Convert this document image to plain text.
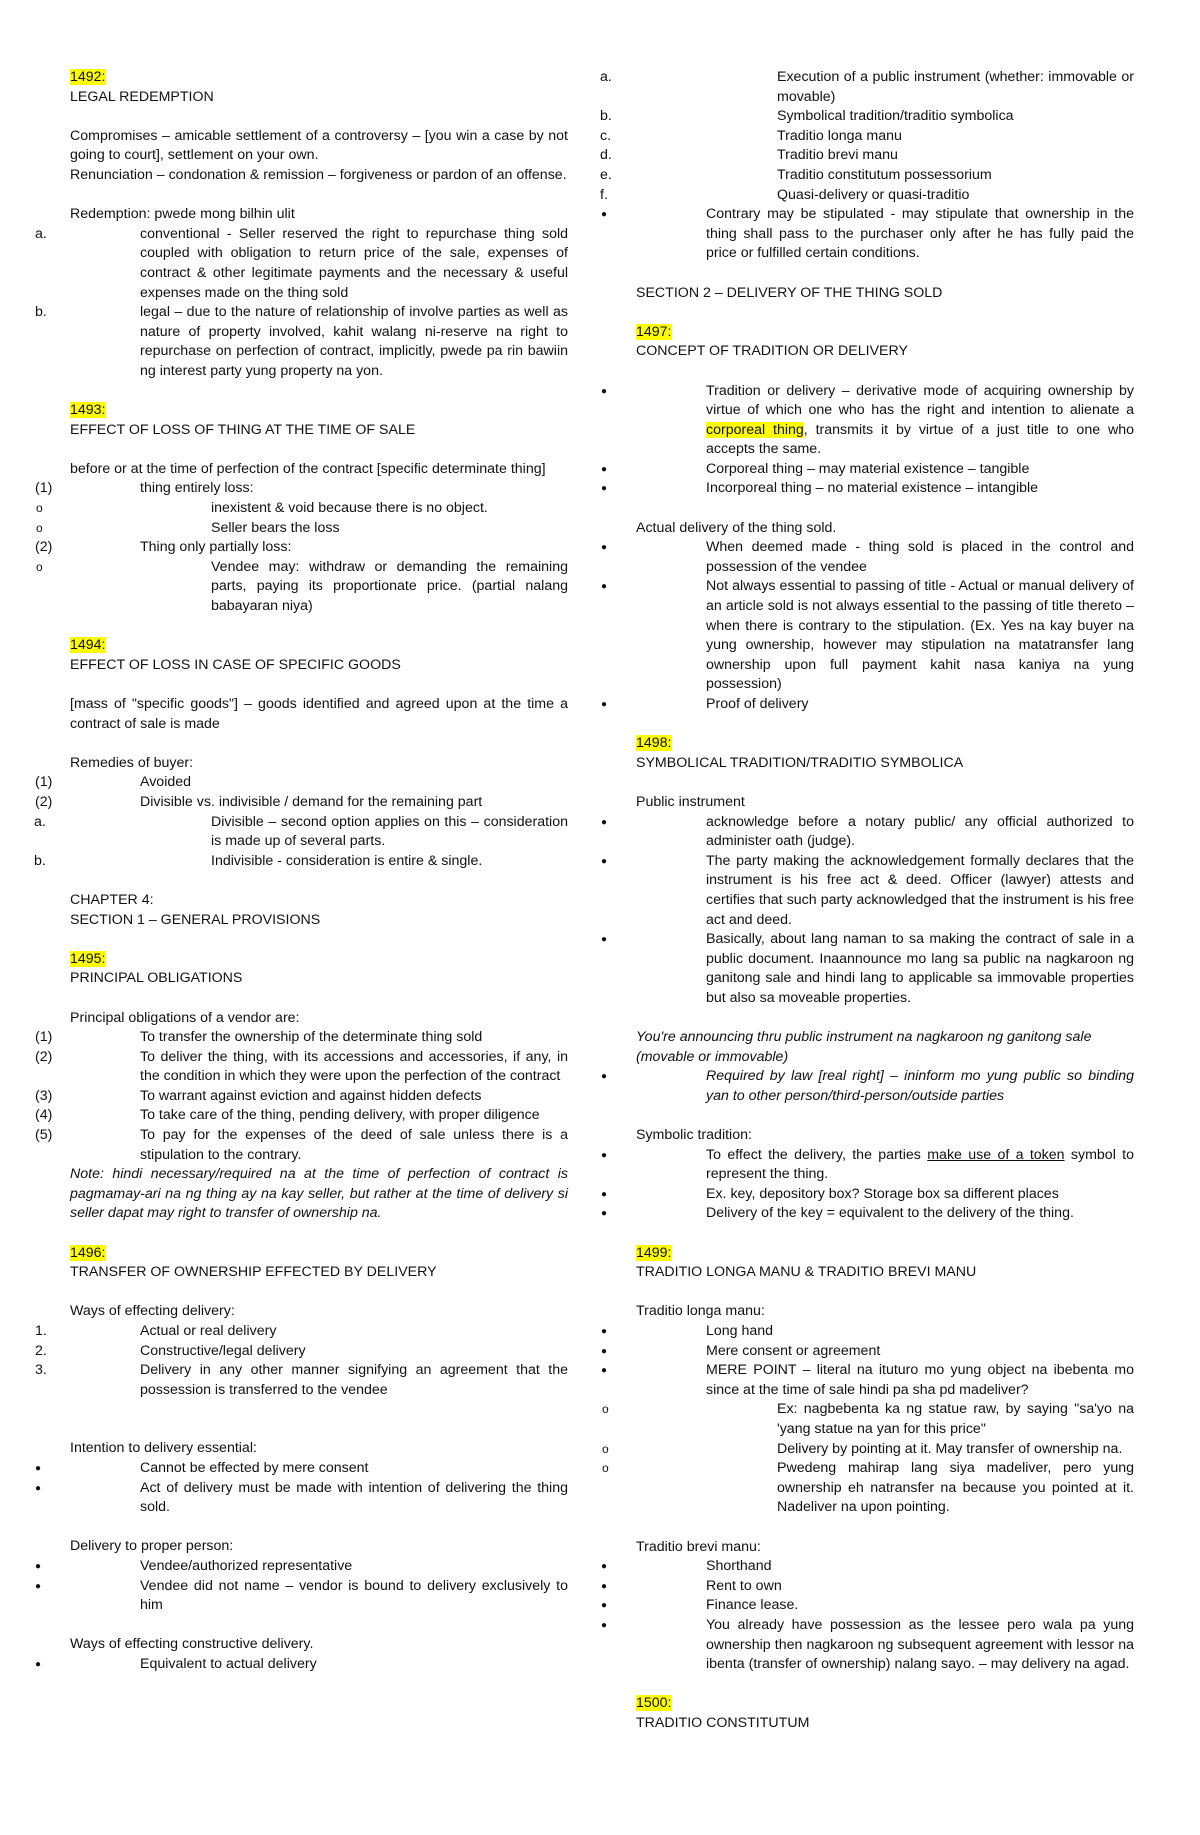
1492:

LEGAL REDEMPTION

Compromises – amicable settlement of a controversy – [you win a case by not going to court], settlement on your own.

Renunciation – condonation & remission – forgiveness or pardon of an offense.

Redemption: pwede mong bilhin ulit

a.	conventional - Seller reserved the right to repurchase thing sold coupled with obligation to return price of the sale, expenses of contract & other legitimate payments and the necessary & useful expenses made on the thing sold
b.	legal – due to the nature of relationship of involve parties as well as nature of property involved, kahit walang ni-reserve na right to repurchase on perfection of contract, implicitly, pwede pa rin bawiin ng interest party yung property na yon.

1493:

EFFECT OF LOSS OF THING AT THE TIME OF SALE

before or at the time of perfection of the contract [specific determinate thing]

(1)	thing entirely loss:
o	inexistent & void because there is no object.
o	Seller bears the loss
(2)	Thing only partially loss:
o	Vendee may: withdraw or demanding the remaining parts, paying its proportionate price. (partial nalang babayaran niya)

1494:

EFFECT OF LOSS IN CASE OF SPECIFIC GOODS

[mass of "specific goods"] – goods identified and agreed upon at the time a contract of sale is made

Remedies of buyer:

(1)	Avoided
(2)	Divisible vs. indivisible / demand for the remaining part
a.	Divisible – second option applies on this – consideration is made up of several parts.
b.	Indivisible - consideration is entire & single.

CHAPTER 4:

SECTION 1 – GENERAL PROVISIONS

1495:

PRINCIPAL OBLIGATIONS

Principal obligations of a vendor are:

(1)	To transfer the ownership of the determinate thing sold
(2)	To deliver the thing, with its accessions and accessories, if any, in the condition in which they were upon the perfection of the contract
(3)	To warrant against eviction and against hidden defects
(4)	To take care of the thing, pending delivery, with proper diligence
(5)	To pay for the expenses of the deed of sale unless there is a stipulation to the contrary.

Note: hindi necessary/required na at the time of perfection of contract is pagmamay-ari na ng thing ay na kay seller, but rather at the time of delivery si seller dapat may right to transfer of ownership na.

1496:

TRANSFER OF OWNERSHIP EFFECTED BY DELIVERY

Ways of effecting delivery:

1.	Actual or real delivery
2.	Constructive/legal delivery
3.	Delivery in any other manner signifying an agreement that the possession is transferred to the vendee

Intention to delivery essential:

●	Cannot be effected by mere consent
●	Act of delivery must be made with intention of delivering the thing sold.

Delivery to proper person:

●	Vendee/authorized representative
●	Vendee did not name – vendor is bound to delivery exclusively to him

Ways of effecting constructive delivery.

●	Equivalent to actual delivery
a.	Execution of a public instrument (whether: immovable or movable)
b.	Symbolical tradition/traditio symbolica
c.	Traditio longa manu
d.	Traditio brevi manu
e.	Traditio constitutum possessorium
f.	Quasi-delivery or quasi-traditio
●	Contrary may be stipulated - may stipulate that ownership in the thing shall pass to the purchaser only after he has fully paid the price or fulfilled certain conditions.

SECTION 2 – DELIVERY OF THE THING SOLD

1497:

CONCEPT OF TRADITION OR DELIVERY

●	Tradition or delivery – derivative mode of acquiring ownership by virtue of which one who has the right and intention to alienate a corporeal thing, transmits it by virtue of a just title to one who accepts the same.
●	Corporeal thing – may material existence – tangible
●	Incorporeal thing – no material existence – intangible

Actual delivery of the thing sold.

●	When deemed made - thing sold is placed in the control and possession of the vendee
●	Not always essential to passing of title - Actual or manual delivery of an article sold is not always essential to the passing of title thereto – when there is contrary to the stipulation. (Ex. Yes na kay buyer na yung ownership, however may stipulation na matatransfer lang ownership upon full payment kahit nasa kaniya na yung possession)
●	Proof of delivery

1498:

SYMBOLICAL TRADITION/TRADITIO SYMBOLICA

Public instrument

●	acknowledge before a notary public/ any official authorized to administer oath (judge).
●	The party making the acknowledgement formally declares that the instrument is his free act & deed. Officer (lawyer) attests and certifies that such party acknowledged that the instrument is his free act and deed.
●	Basically, about lang naman to sa making the contract of sale in a public document. Inaannounce mo lang sa public na nagkaroon ng ganitong sale and hindi lang to applicable sa immovable properties but also sa moveable properties.

You're announcing thru public instrument na nagkaroon ng ganitong sale (movable or immovable)

●	Required by law [real right] – ininform mo yung public so binding yan to other person/third-person/outside parties

Symbolic tradition:

●	To effect the delivery, the parties make use of a token symbol to represent the thing.
●	Ex. key, depository box? Storage box sa different places
●	Delivery of the key = equivalent to the delivery of the thing.

1499:

TRADITIO LONGA MANU & TRADITIO BREVI MANU

Traditio longa manu:

●	Long hand
●	Mere consent or agreement
●	MERE POINT – literal na ituturo mo yung object na ibebenta mo since at the time of sale hindi pa sha pd madeliver?
o	Ex: nagbebenta ka ng statue raw, by saying "sa'yo na 'yang statue na yan for this price"
o	Delivery by pointing at it. May transfer of ownership na.
o	Pwedeng mahirap lang siya madeliver, pero yung ownership eh natransfer na because you pointed at it. Nadeliver na upon pointing.

Traditio brevi manu:

●	Shorthand
●	Rent to own
●	Finance lease.
●	You already have possession as the lessee pero wala pa yung ownership then nagkaroon ng subsequent agreement with lessor na ibenta (transfer of ownership) nalang sayo. – may delivery na agad.

1500:

TRADITIO CONSTITUTUM
